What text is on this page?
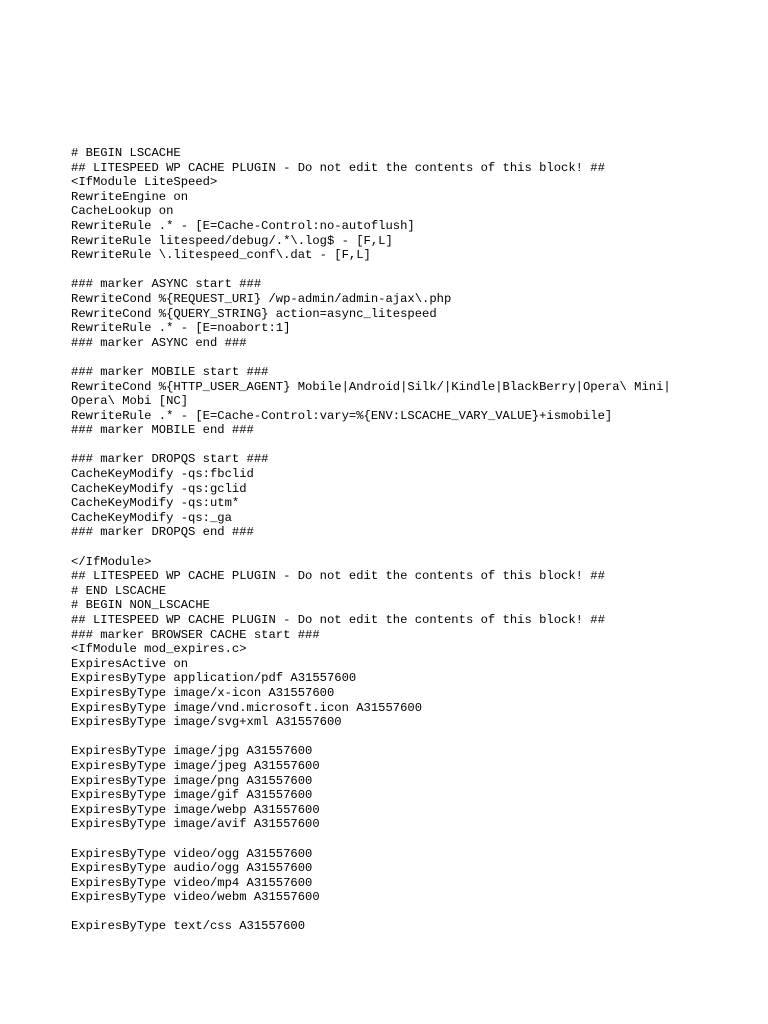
# BEGIN LSCACHE
## LITESPEED WP CACHE PLUGIN - Do not edit the contents of this block! ##
<IfModule LiteSpeed>
RewriteEngine on
CacheLookup on
RewriteRule .* - [E=Cache-Control:no-autoflush]
RewriteRule litespeed/debug/.*\.log$ - [F,L]
RewriteRule \.litespeed_conf\.dat - [F,L]
### marker ASYNC start ###
RewriteCond %{REQUEST_URI} /wp-admin/admin-ajax\.php
RewriteCond %{QUERY_STRING} action=async_litespeed
RewriteRule .* - [E=noabort:1]
### marker ASYNC end ###
### marker MOBILE start ###
RewriteCond %{HTTP_USER_AGENT} Mobile|Android|Silk/|Kindle|BlackBerry|Opera\ Mini|
Opera\ Mobi [NC]
RewriteRule .* - [E=Cache-Control:vary=%{ENV:LSCACHE_VARY_VALUE}+ismobile]
### marker MOBILE end ###
### marker DROPQS start ###
CacheKeyModify -qs:fbclid
CacheKeyModify -qs:gclid
CacheKeyModify -qs:utm*
CacheKeyModify -qs:_ga
### marker DROPQS end ###
</IfModule>
## LITESPEED WP CACHE PLUGIN - Do not edit the contents of this block! ##
# END LSCACHE
# BEGIN NON_LSCACHE
## LITESPEED WP CACHE PLUGIN - Do not edit the contents of this block! ##
### marker BROWSER CACHE start ###
<IfModule mod_expires.c>
ExpiresActive on
ExpiresByType application/pdf A31557600
ExpiresByType image/x-icon A31557600
ExpiresByType image/vnd.microsoft.icon A31557600
ExpiresByType image/svg+xml A31557600
ExpiresByType image/jpg A31557600
ExpiresByType image/jpeg A31557600
ExpiresByType image/png A31557600
ExpiresByType image/gif A31557600
ExpiresByType image/webp A31557600
ExpiresByType image/avif A31557600
ExpiresByType video/ogg A31557600
ExpiresByType audio/ogg A31557600
ExpiresByType video/mp4 A31557600
ExpiresByType video/webm A31557600
ExpiresByType text/css A31557600
